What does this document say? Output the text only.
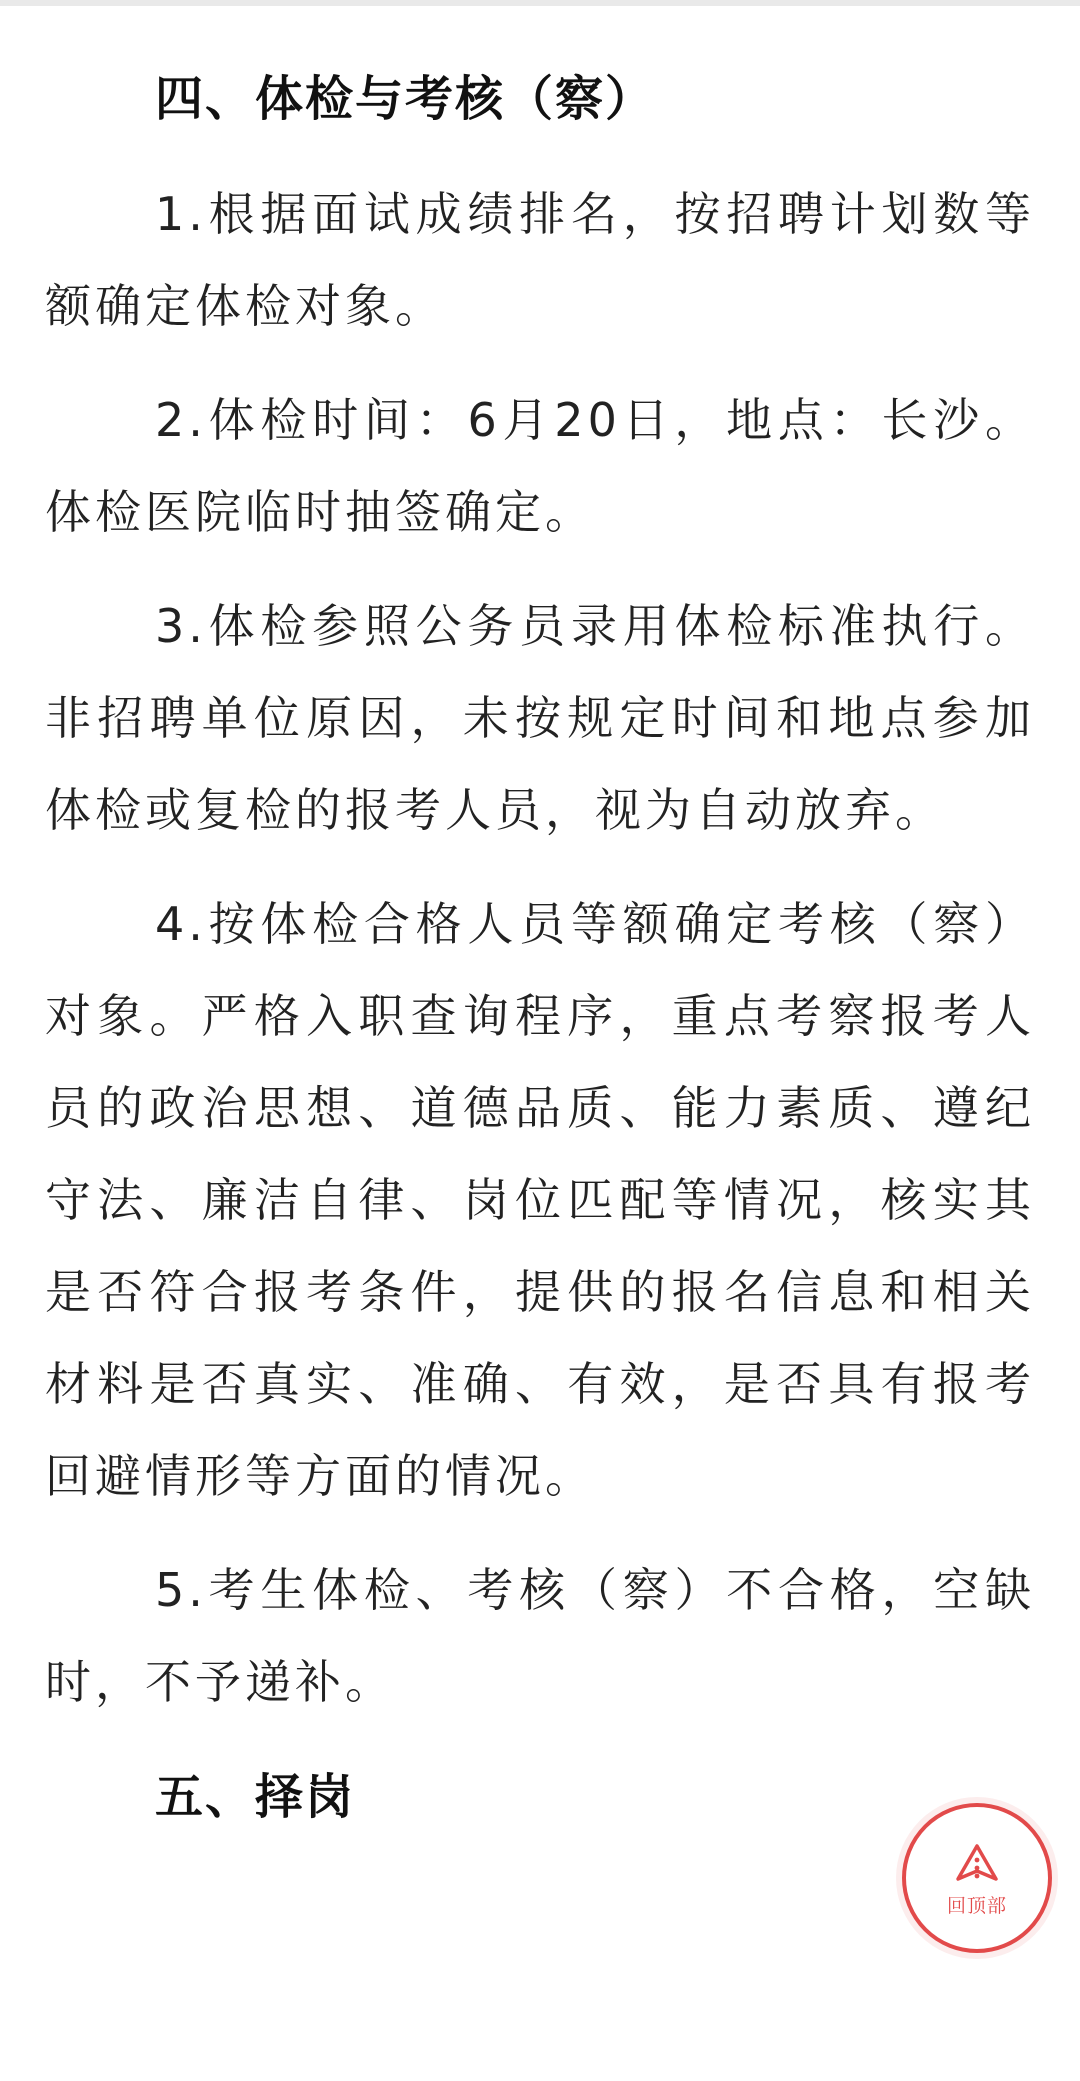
四、体检与考核（察）

1.根据面试成绩排名，按招聘计划数等额确定体检对象。

2.体检时间：6月20日，地点：长沙。体检医院临时抽签确定。

3.体检参照公务员录用体检标准执行。非招聘单位原因，未按规定时间和地点参加体检或复检的报考人员，视为自动放弃。

4.按体检合格人员等额确定考核（察）对象。严格入职查询程序，重点考察报考人员的政治思想、道德品质、能力素质、遵纪守法、廉洁自律、岗位匹配等情况，核实其是否符合报考条件，提供的报名信息和相关材料是否真实、准确、有效，是否具有报考回避情形等方面的情况。

5.考生体检、考核（察）不合格，空缺时，不予递补。

五、择岗
回顶部
